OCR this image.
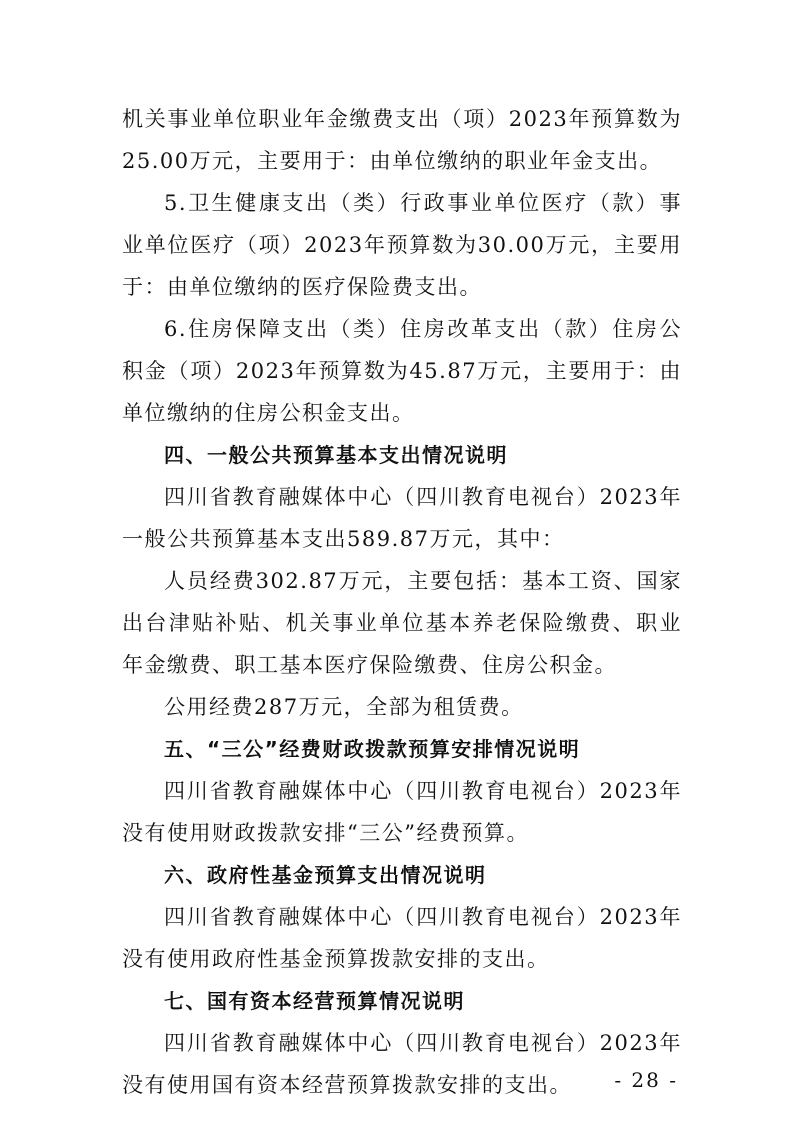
机关事业单位职业年金缴费支出（项）2023年预算数为25.00万元，主要用于：由单位缴纳的职业年金支出。

5.卫生健康支出（类）行政事业单位医疗（款）事业单位医疗（项）2023年预算数为30.00万元，主要用于：由单位缴纳的医疗保险费支出。

6.住房保障支出（类）住房改革支出（款）住房公积金（项）2023年预算数为45.87万元，主要用于：由单位缴纳的住房公积金支出。

四、一般公共预算基本支出情况说明

四川省教育融媒体中心（四川教育电视台）2023年一般公共预算基本支出589.87万元，其中：

人员经费302.87万元，主要包括：基本工资、国家出台津贴补贴、机关事业单位基本养老保险缴费、职业年金缴费、职工基本医疗保险缴费、住房公积金。

公用经费287万元，全部为租赁费。

五、“三公”经费财政拨款预算安排情况说明

四川省教育融媒体中心（四川教育电视台）2023年没有使用财政拨款安排“三公”经费预算。

六、政府性基金预算支出情况说明

四川省教育融媒体中心（四川教育电视台）2023年没有使用政府性基金预算拨款安排的支出。

七、国有资本经营预算情况说明

四川省教育融媒体中心（四川教育电视台）2023年没有使用国有资本经营预算拨款安排的支出。	- 28 -
